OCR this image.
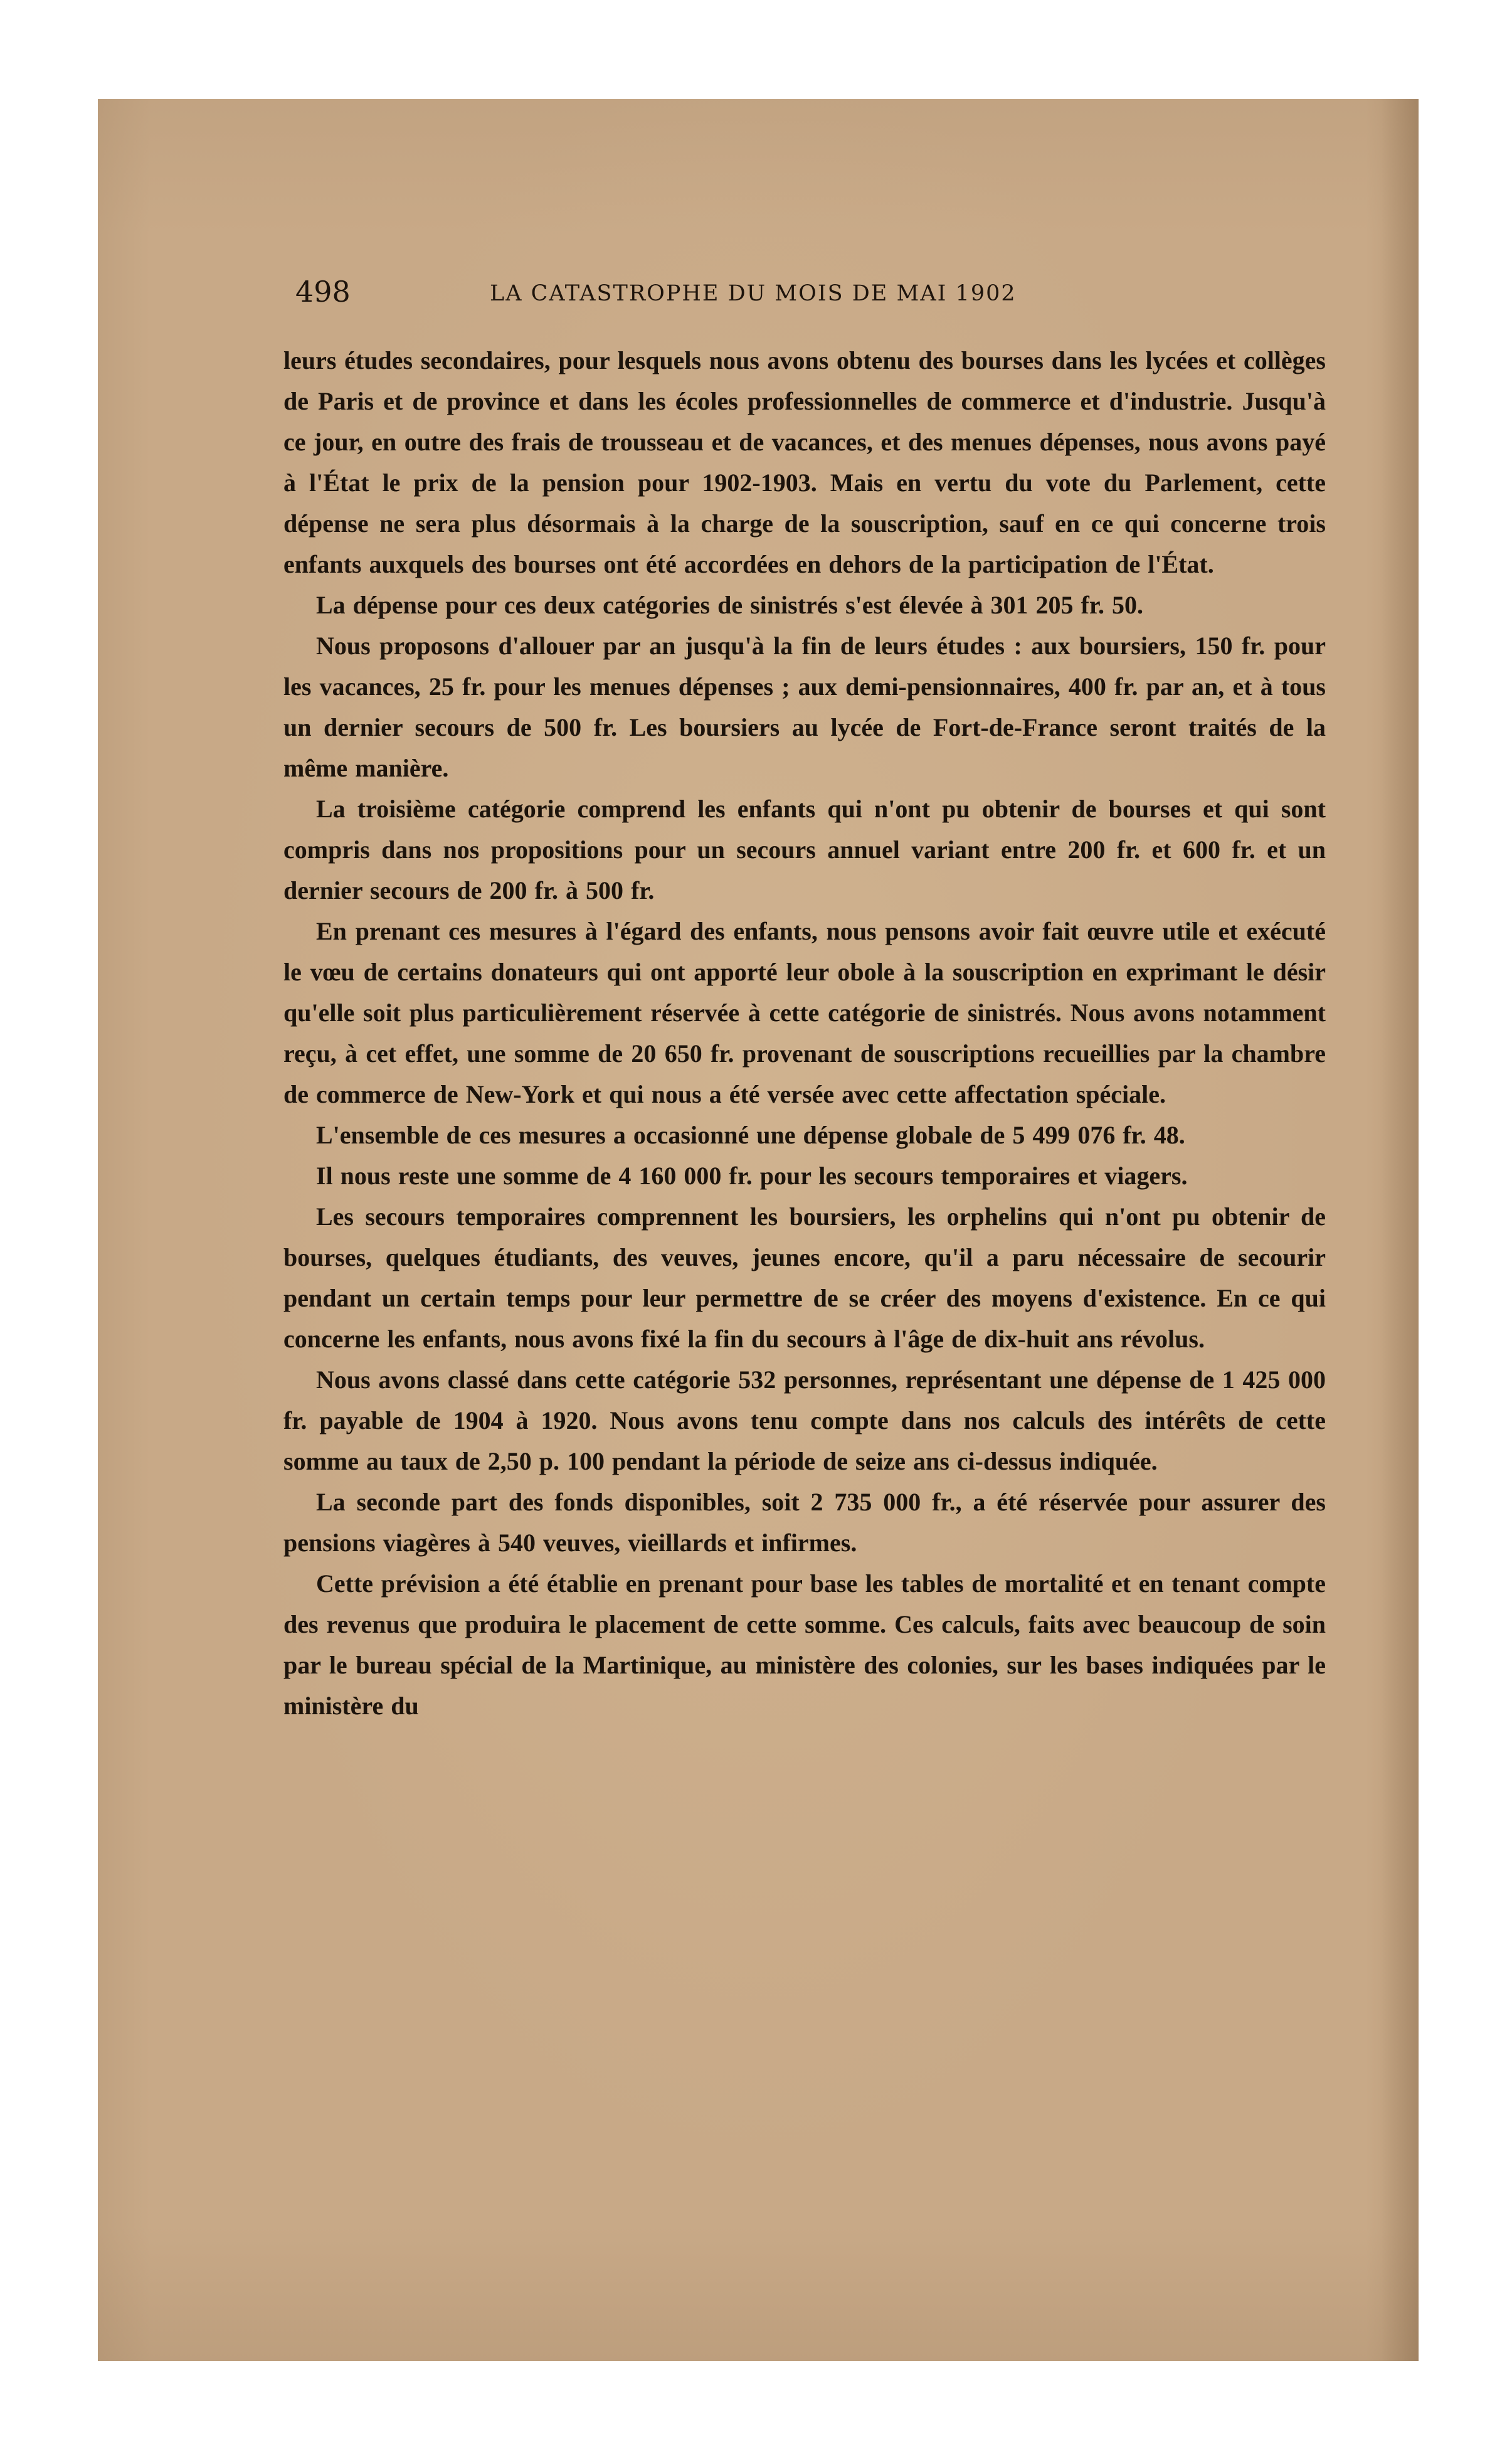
498	LA CATASTROPHE DU MOIS DE MAI 1902

leurs études secondaires, pour lesquels nous avons obtenu des bourses dans les lycées et collèges de Paris et de province et dans les écoles professionnelles de commerce et d'industrie. Jusqu'à ce jour, en outre des frais de trousseau et de vacances, et des menues dépenses, nous avons payé à l'État le prix de la pension pour 1902-1903. Mais en vertu du vote du Parlement, cette dépense ne sera plus désormais à la charge de la souscription, sauf en ce qui concerne trois enfants auxquels des bourses ont été accordées en dehors de la participation de l'État.

La dépense pour ces deux catégories de sinistrés s'est élevée à 301 205 fr. 50.

Nous proposons d'allouer par an jusqu'à la fin de leurs études : aux boursiers, 150 fr. pour les vacances, 25 fr. pour les menues dépenses ; aux demi-pensionnaires, 400 fr. par an, et à tous un dernier secours de 500 fr. Les boursiers au lycée de Fort-de-France seront traités de la même manière.

La troisième catégorie comprend les enfants qui n'ont pu obtenir de bourses et qui sont compris dans nos propositions pour un secours annuel variant entre 200 fr. et 600 fr. et un dernier secours de 200 fr. à 500 fr.

En prenant ces mesures à l'égard des enfants, nous pensons avoir fait œuvre utile et exécuté le vœu de certains donateurs qui ont apporté leur obole à la souscription en exprimant le désir qu'elle soit plus particulièrement réservée à cette catégorie de sinistrés. Nous avons notamment reçu, à cet effet, une somme de 20 650 fr. provenant de souscriptions recueillies par la chambre de commerce de New-York et qui nous a été versée avec cette affectation spéciale.

L'ensemble de ces mesures a occasionné une dépense globale de 5 499 076 fr. 48.

Il nous reste une somme de 4 160 000 fr. pour les secours temporaires et viagers.

Les secours temporaires comprennent les boursiers, les orphelins qui n'ont pu obtenir de bourses, quelques étudiants, des veuves, jeunes encore, qu'il a paru nécessaire de secourir pendant un certain temps pour leur permettre de se créer des moyens d'existence. En ce qui concerne les enfants, nous avons fixé la fin du secours à l'âge de dix-huit ans révolus.

Nous avons classé dans cette catégorie 532 personnes, représentant une dépense de 1 425 000 fr. payable de 1904 à 1920. Nous avons tenu compte dans nos calculs des intérêts de cette somme au taux de 2,50 p. 100 pendant la période de seize ans ci-dessus indiquée.

La seconde part des fonds disponibles, soit 2 735 000 fr., a été réservée pour assurer des pensions viagères à 540 veuves, vieillards et infirmes.

Cette prévision a été établie en prenant pour base les tables de mortalité et en tenant compte des revenus que produira le placement de cette somme. Ces calculs, faits avec beaucoup de soin par le bureau spécial de la Martinique, au ministère des colonies, sur les bases indiquées par le ministère du
